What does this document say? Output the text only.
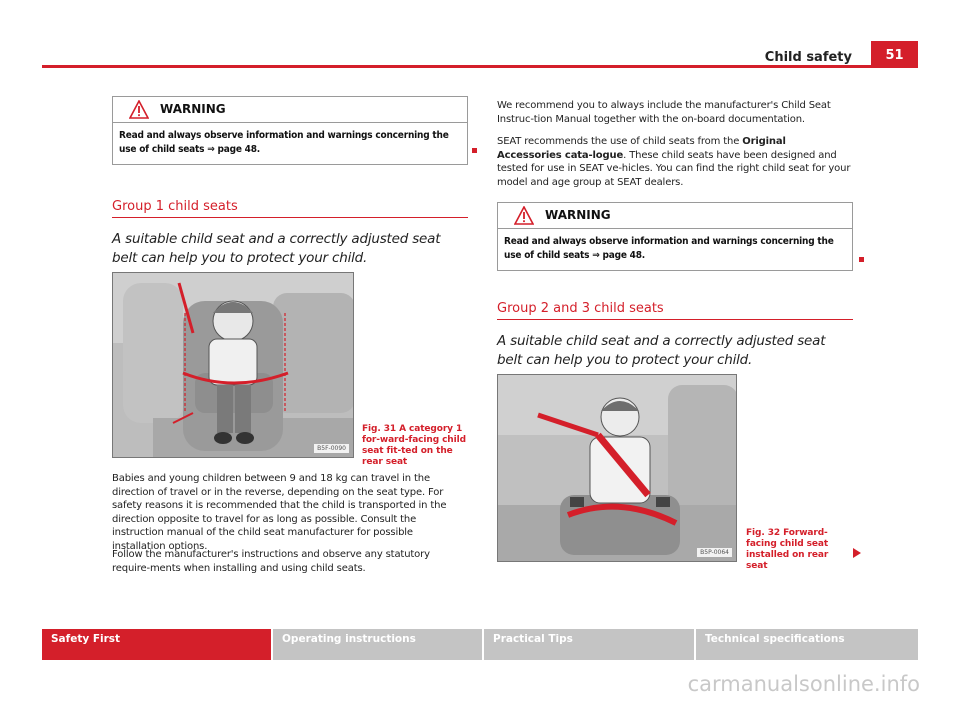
Child safety	51
WARNING
Read and always observe information and warnings concerning the use of child seats ⇒ page 48.
Group 1 child seats
A suitable child seat and a correctly adjusted seat belt can help you to protect your child.
B5F-0090
Fig. 31 A category 1 for-ward-facing child seat fit-ted on the rear seat
Babies and young children between 9 and 18 kg can travel in the direction of travel or in the reverse, depending on the seat type. For safety reasons it is recommended that the child is transported in the direction opposite to travel for as long as possible. Consult the instruction manual of the child seat manufacturer for possible installation options.
Follow the manufacturer's instructions and observe any statutory require-ments when installing and using child seats.
We recommend you to always include the manufacturer's Child Seat Instruc-tion Manual together with the on-board documentation.
SEAT recommends the use of child seats from the Original Accessories cata-logue. These child seats have been designed and tested for use in SEAT ve-hicles. You can find the right child seat for your model and age group at SEAT dealers.
WARNING
Read and always observe information and warnings concerning the use of child seats ⇒ page 48.
Group 2 and 3 child seats
A suitable child seat and a correctly adjusted seat belt can help you to protect your child.
B5P-0064
Fig. 32 Forward-facing child seat installed on rear seat
Safety First	Operating instructions	Practical Tips	Technical specifications
carmanualsonline.info
